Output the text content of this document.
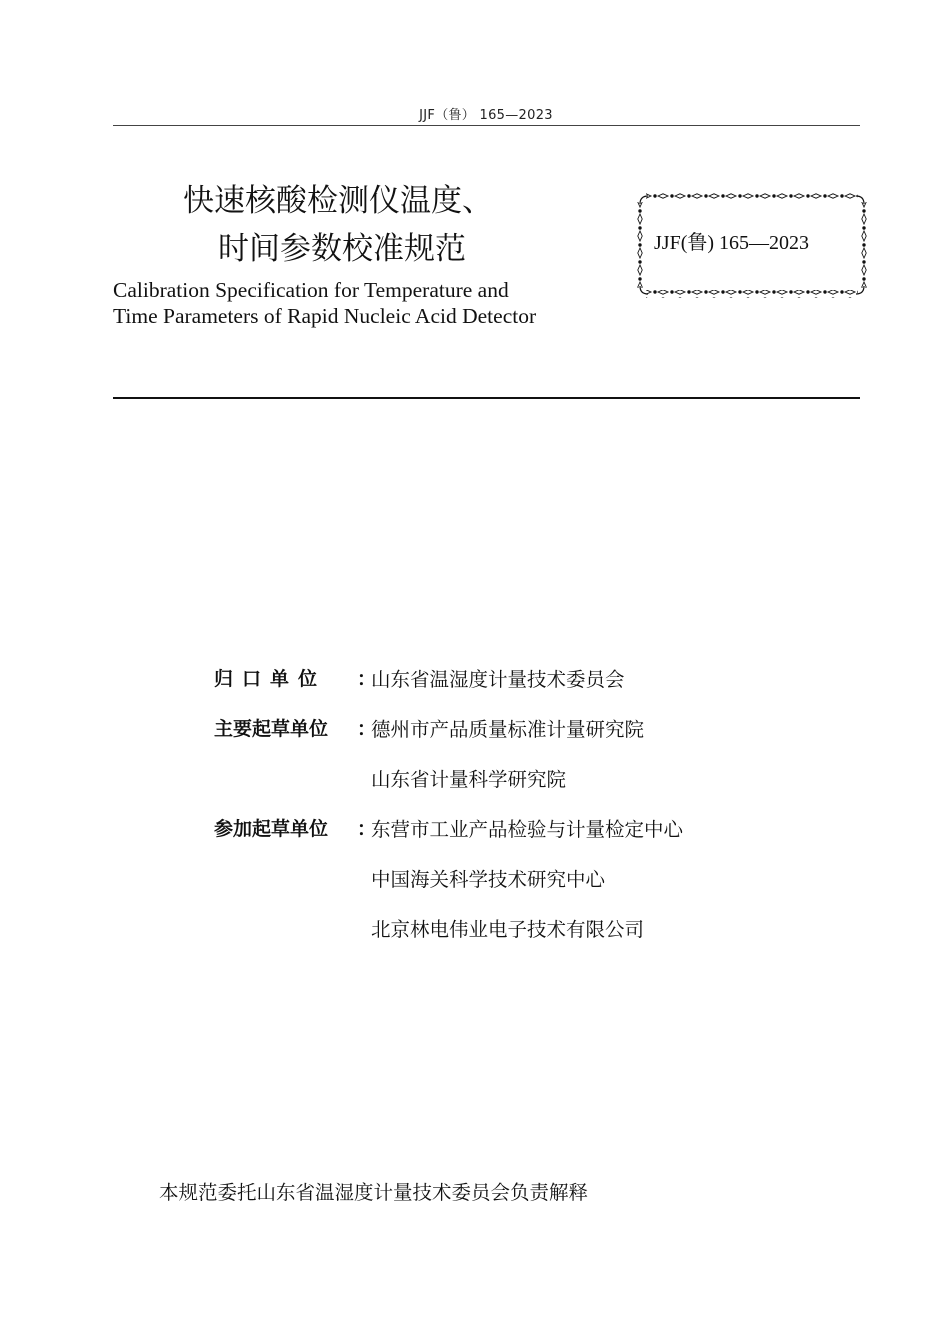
JJF（鲁） 165—2023
快速核酸检测仪温度、
时间参数校准规范
Calibration Specification for Temperature and
Time Parameters of Rapid Nucleic Acid Detector
JJF(鲁) 165—2023
归口单位	：
山东省温湿度计量技术委员会
主要起草单位	：
德州市产品质量标准计量研究院
山东省计量科学研究院
参加起草单位	：
东营市工业产品检验与计量检定中心
中国海关科学技术研究中心
北京林电伟业电子技术有限公司
本规范委托山东省温湿度计量技术委员会负责解释
